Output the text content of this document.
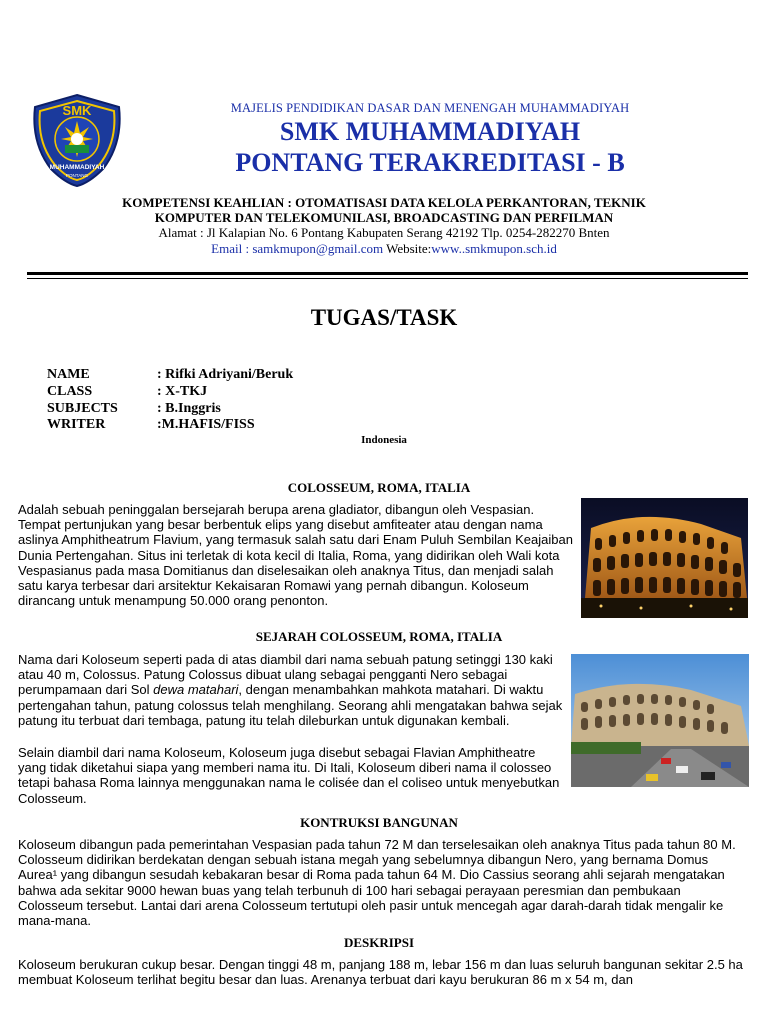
SMK
MUHAMMADIYAH
PONTANG
MAJELIS PENDIDIKAN DASAR DAN MENENGAH MUHAMMADIYAH
SMK MUHAMMADIYAH
PONTANG TERAKREDITASI - B
KOMPETENSI KEAHLIAN : OTOMATISASI DATA KELOLA PERKANTORAN, TEKNIK
KOMPUTER DAN TELEKOMUNILASI, BROADCASTING DAN PERFILMAN
Alamat : Jl Kalapian No. 6 Pontang Kabupaten Serang 42192 Tlp. 0254-282270 Bnten
Email : samkmupon@gmail.com Website:www..smkmupon.sch.id
TUGAS/TASK
NAME	: Rifki Adriyani/Beruk
CLASS	: X-TKJ
SUBJECTS	: B.Inggris
WRITER	:M.HAFIS/FISS
Indonesia
COLOSSEUM, ROMA, ITALIA
Adalah sebuah peninggalan bersejarah berupa arena gladiator, dibangun oleh Vespasian. Tempat pertunjukan yang besar berbentuk elips yang disebut amfiteater atau dengan nama aslinya Amphitheatrum Flavium, yang termasuk salah satu dari Enam Puluh Sembilan Keajaiban Dunia Pertengahan. Situs ini terletak di kota kecil di Italia, Roma, yang didirikan oleh Wali kota Vespasianus pada masa Domitianus dan diselesaikan oleh anaknya Titus, dan menjadi salah satu karya terbesar dari arsitektur Kekaisaran Romawi yang pernah dibangun. Koloseum dirancang untuk menampung 50.000 orang penonton.
SEJARAH COLOSSEUM, ROMA, ITALIA
Nama dari Koloseum seperti pada di atas diambil dari nama sebuah patung setinggi 130 kaki atau 40 m, Colossus. Patung Colossus dibuat ulang sebagai pengganti Nero sebagai perumpamaan dari Sol dewa matahari, dengan menambahkan mahkota matahari. Di waktu pertengahan tahun, patung colossus telah menghilang. Seorang ahli mengatakan bahwa sejak patung itu terbuat dari tembaga, patung itu telah dileburkan untuk digunakan kembali.
Selain diambil dari nama Koloseum, Koloseum juga disebut sebagai Flavian Amphitheatre yang tidak diketahui siapa yang memberi nama itu. Di Itali, Koloseum diberi nama il colosseo tetapi bahasa Roma lainnya menggunakan nama le colisée dan el coliseo untuk menyebutkan Colosseum.
KONTRUKSI BANGUNAN
Koloseum dibangun pada pemerintahan Vespasian pada tahun 72 M dan terselesaikan oleh anaknya Titus pada tahun 80 M. Colosseum didirikan berdekatan dengan sebuah istana megah yang sebelumnya dibangun Nero, yang bernama Domus Aurea¹ yang dibangun sesudah kebakaran besar di Roma pada tahun 64 M. Dio Cassius seorang ahli sejarah mengatakan bahwa ada sekitar 9000 hewan buas yang telah terbunuh di 100 hari sebagai perayaan peresmian dan pembukaan Colosseum tersebut. Lantai dari arena Colosseum tertutupi oleh pasir untuk mencegah agar darah-darah tidak mengalir ke mana-mana.
DESKRIPSI
Koloseum berukuran cukup besar. Dengan tinggi 48 m, panjang 188 m, lebar 156 m dan luas seluruh bangunan sekitar 2.5 ha membuat Koloseum terlihat begitu besar dan luas. Arenanya terbuat dari kayu berukuran 86 m x 54 m, dan
